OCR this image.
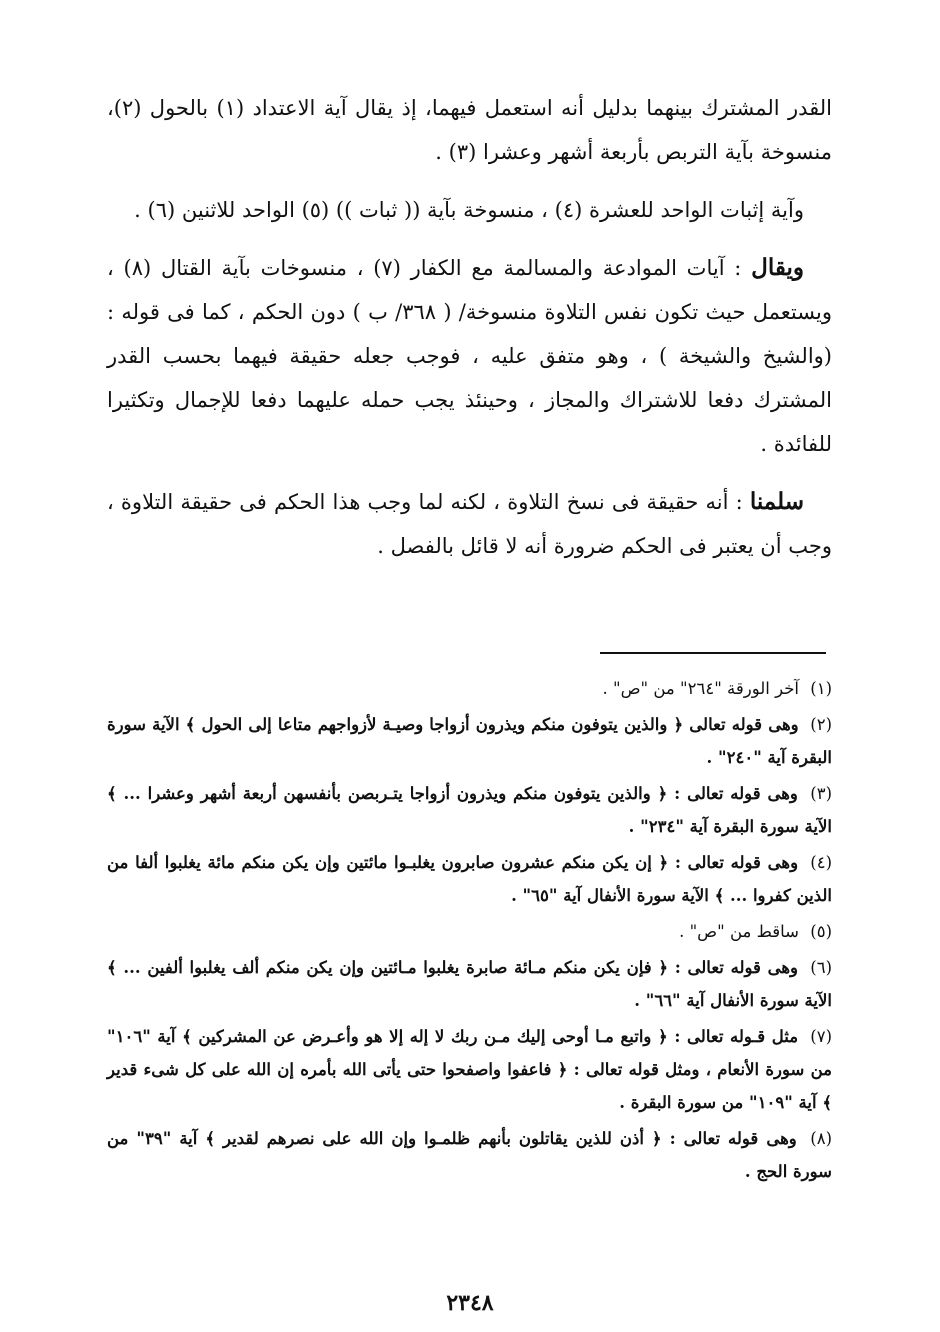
القدر المشترك بينهما بدليل أنه استعمل فيهما، إذ يقال آية الاعتداد (١) بالحول (٢)، منسوخة بآية التربص بأربعة أشهر وعشرا (٣) .

وآية إثبات الواحد للعشرة (٤) ، منسوخة بآية (( ثبات )) (٥) الواحد للاثنين (٦) .

ويقال : آيات الموادعة والمسالمة مع الكفار (٧) ، منسوخات بآية القتال (٨) ، ويستعمل حيث تكون نفس التلاوة منسوخة/ ( ٣٦٨/ ب ) دون الحكم ، كما فى قوله : (والشيخ والشيخة ) ، وهو متفق عليه ، فوجب جعله حقيقة فيهما بحسب القدر المشترك دفعا للاشتراك والمجاز ، وحينئذ يجب حمله عليهما دفعا للإجمال وتكثيرا للفائدة .

سلمنا : أنه حقيقة فى نسخ التلاوة ، لكنه لما وجب هذا الحكم فى حقيقة التلاوة ، وجب أن يعتبر فى الحكم ضرورة أنه لا قائل بالفصل .

(١) آخر الورقة "٢٦٤" من "ص" .

(٢) وهى قوله تعالى ﴿ والذين يتوفون منكم ويذرون أزواجا وصيـة لأزواجهم متاعا إلى الحول ﴾ الآية سورة البقرة آية "٢٤٠" .

(٣) وهى قوله تعالى : ﴿ والذين يتوفون منكم ويذرون أزواجا يتـربصن بأنفسهن أربعة أشهر وعشرا ... ﴾ الآية سورة البقرة آية "٢٣٤" .

(٤) وهى قوله تعالى : ﴿ إن يكن منكم عشرون صابرون يغلبـوا مائتين وإن يكن منكم مائة يغلبوا ألفا من الذين كفروا ... ﴾ الآية سورة الأنفال آية "٦٥" .

(٥) ساقط من "ص" .

(٦) وهى قوله تعالى : ﴿ فإن يكن منكم مـائة صابرة يغلبوا مـائتين وإن يكن منكم ألف يغلبوا ألفين ... ﴾ الآية سورة الأنفال آية "٦٦" .

(٧) مثل قـوله تعالى : ﴿ واتبع مـا أوحى إليك مـن ربك لا إله إلا هو وأعـرض عن المشركين ﴾ آية "١٠٦" من سورة الأنعام ، ومثل قوله تعالى : ﴿ فاعفوا واصفحوا حتى يأتى الله بأمره إن الله على كل شىء قدير ﴾ آية "١٠٩" من سورة البقرة .

(٨) وهى قوله تعالى : ﴿ أذن للذين يقاتلون بأنهم ظلمـوا وإن الله على نصرهم لقدير ﴾ آية "٣٩" من سورة الحج .

٢٣٤٨
